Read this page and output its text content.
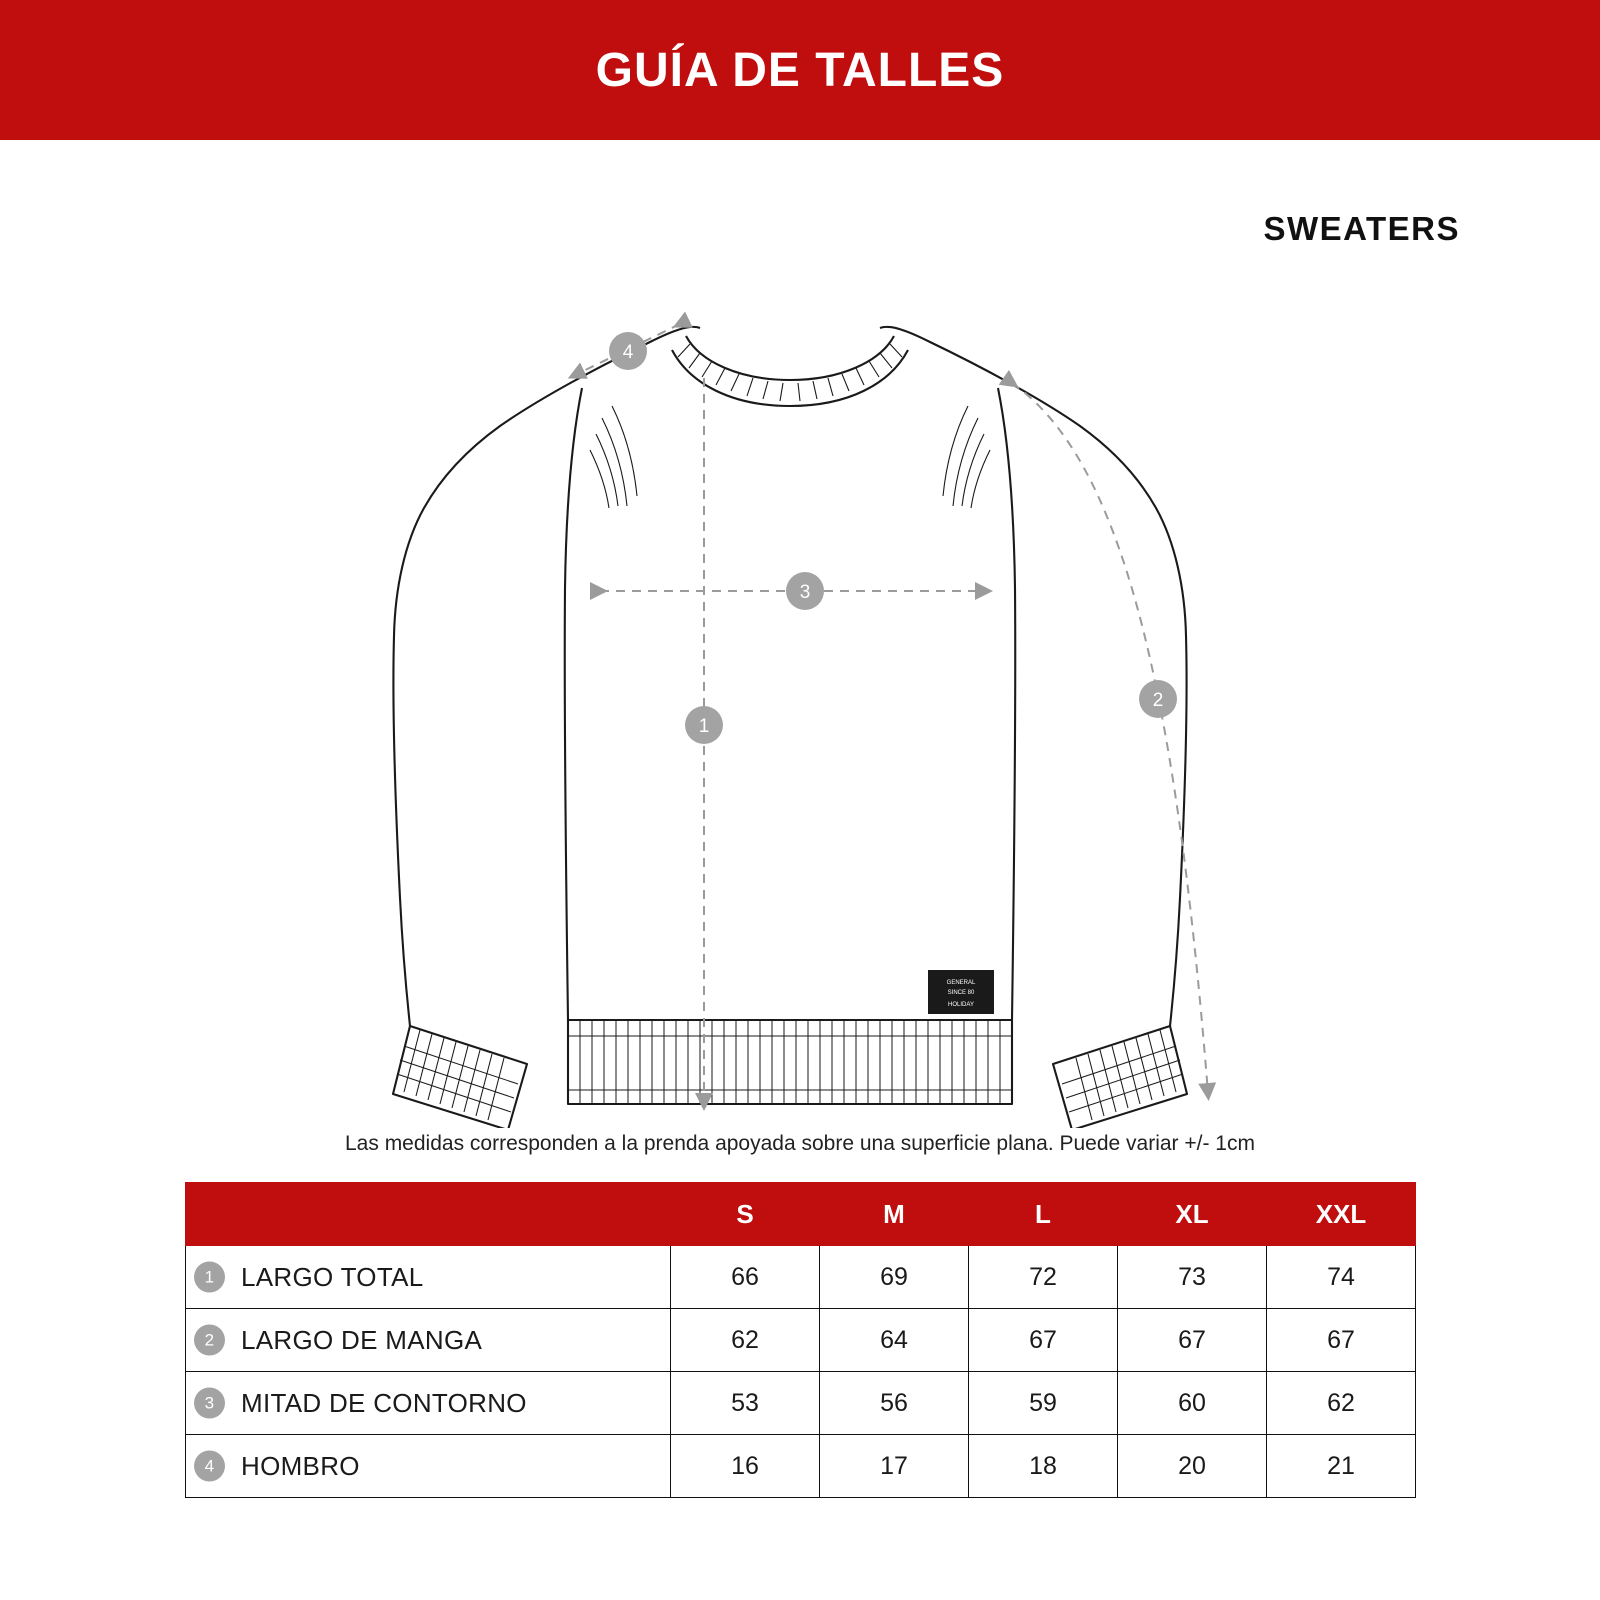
GUÍA DE TALLES
SWEATERS
GENERAL
SINCE 80
HOLIDAY
4
3
1
2
Las medidas corresponden a la prenda apoyada sobre una superficie plana. Puede variar +/- 1cm
	S	M	L	XL	XXL

1 LARGO TOTAL	66	69	72	73	74

2 LARGO DE MANGA	62	64	67	67	67

3 MITAD DE CONTORNO	53	56	59	60	62

4 HOMBRO	16	17	18	20	21
